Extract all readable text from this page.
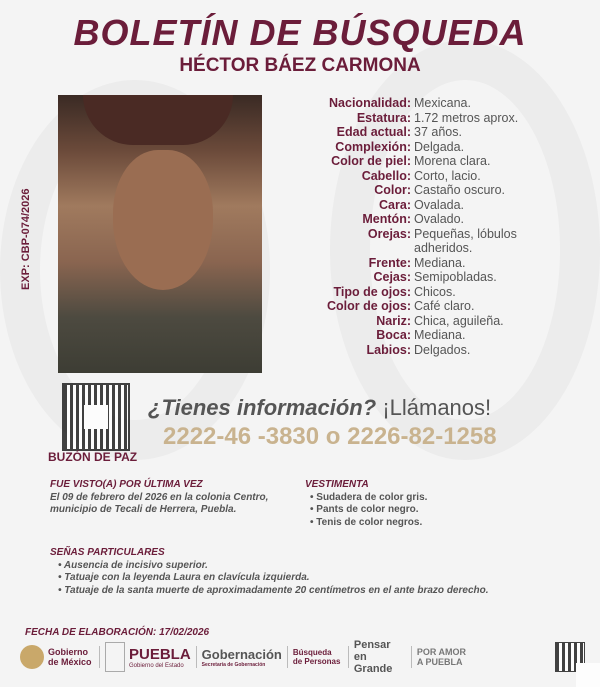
BOLETÍN DE BÚSQUEDA
HÉCTOR BÁEZ CARMONA
EXP: CBP-074/2026
Nacionalidad: Mexicana.
Estatura: 1.72 metros aprox.
Edad actual: 37 años.
Complexión: Delgada.
Color de piel: Morena clara.
Cabello: Corto, lacio.
Color: Castaño oscuro.
Cara: Ovalada.
Mentón: Ovalado.
Orejas: Pequeñas, lóbulos adheridos.
Frente: Mediana.
Cejas: Semipobladas.
Tipo de ojos: Chicos.
Color de ojos: Café claro.
Nariz: Chica, aguileña.
Boca: Mediana.
Labios: Delgados.
BUZÓN DE PAZ
¿Tienes información? ¡Llámanos!
2222-46 -3830 o 2226-82-1258
FUE VISTO(A) POR ÚLTIMA VEZ
El 09 de febrero del 2026 en la colonia Centro, municipio de Tecali de Herrera, Puebla.
VESTIMENTA
• Sudadera de color gris.
• Pants de color negro.
• Tenis de color negros.
SEÑAS PARTICULARES
• Ausencia de incisivo superior.
• Tatuaje con la leyenda Laura en clavícula izquierda.
• Tatuaje de la santa muerte de aproximadamente 20 centímetros en el ante brazo derecho.
FECHA DE ELABORACIÓN: 17/02/2026
Gobierno de México PUEBLA
Gobierno del Estado
Gobernación
Secretaría de Gobernación
Búsqueda de Personas
Pensar en Grande
POR AMOR A PUEBLA
